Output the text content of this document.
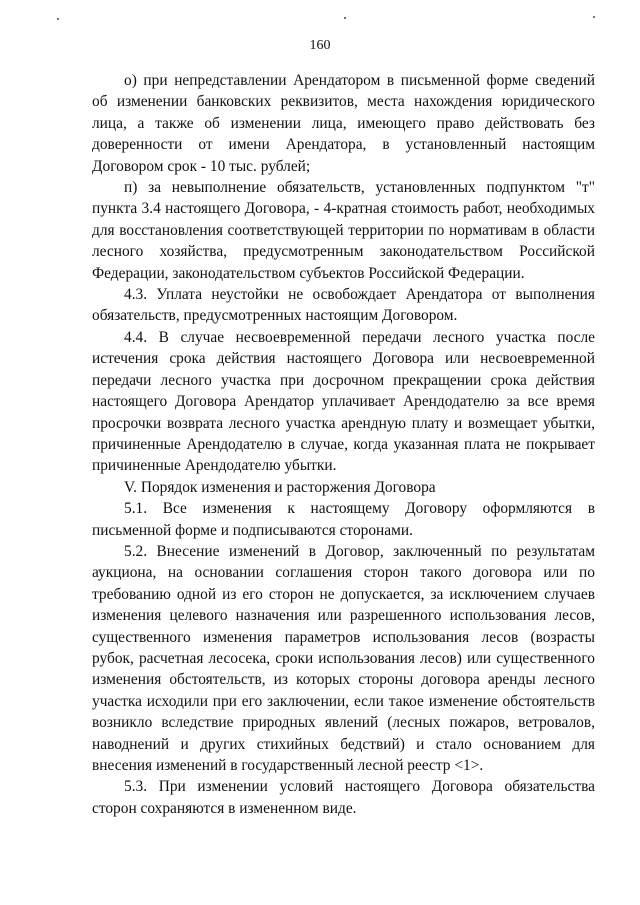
160

о) при непредставлении Арендатором в письменной форме сведений об изменении банковских реквизитов, места нахождения юридического лица, а также об изменении лица, имеющего право действовать без доверенности от имени Арендатора, в установленный настоящим Договором срок - 10 тыс. рублей;

п) за невыполнение обязательств, установленных подпунктом "т" пункта 3.4 настоящего Договора, - 4-кратная стоимость работ, необходимых для восстановления соответствующей территории по нормативам в области лесного хозяйства, предусмотренным законодательством Российской Федерации, законодательством субъектов Российской Федерации.

4.3. Уплата неустойки не освобождает Арендатора от выполнения обязательств, предусмотренных настоящим Договором.

4.4. В случае несвоевременной передачи лесного участка после истечения срока действия настоящего Договора или несвоевременной передачи лесного участка при досрочном прекращении срока действия настоящего Договора Арендатор уплачивает Арендодателю за все время просрочки возврата лесного участка арендную плату и возмещает убытки, причиненные Арендодателю в случае, когда указанная плата не покрывает причиненные Арендодателю убытки.

V. Порядок изменения и расторжения Договора

5.1. Все изменения к настоящему Договору оформляются в письменной форме и подписываются сторонами.

5.2. Внесение изменений в Договор, заключенный по результатам аукциона, на основании соглашения сторон такого договора или по требованию одной из его сторон не допускается, за исключением случаев изменения целевого назначения или разрешенного использования лесов, существенного изменения параметров использования лесов (возрасты рубок, расчетная лесосека, сроки использования лесов) или существенного изменения обстоятельств, из которых стороны договора аренды лесного участка исходили при его заключении, если такое изменение обстоятельств возникло вследствие природных явлений (лесных пожаров, ветровалов, наводнений и других стихийных бедствий) и стало основанием для внесения изменений в государственный лесной реестр <1>.

5.3. При изменении условий настоящего Договора обязательства сторон сохраняются в измененном виде.
